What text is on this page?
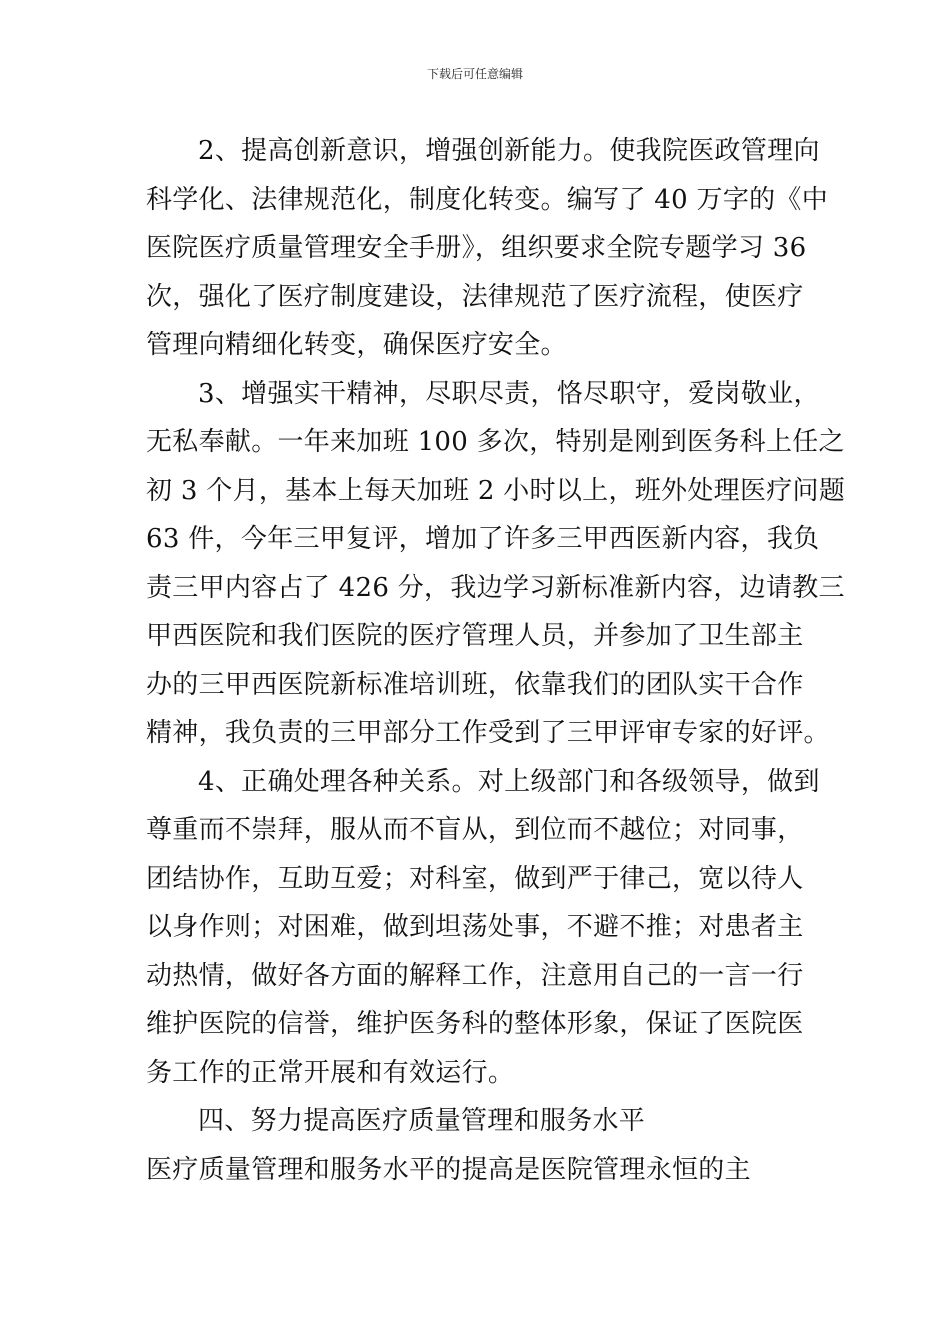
下载后可任意编辑
2、提高创新意识，增强创新能力。使我院医政管理向
科学化、法律规范化，制度化转变。编写了 40 万字的《中
医院医疗质量管理安全手册》，组织要求全院专题学习 36
次，强化了医疗制度建设，法律规范了医疗流程，使医疗
管理向精细化转变，确保医疗安全。
3、增强实干精神，尽职尽责，恪尽职守，爱岗敬业，
无私奉献。一年来加班 100 多次，特别是刚到医务科上任之
初 3 个月，基本上每天加班 2 小时以上，班外处理医疗问题
63 件，今年三甲复评，增加了许多三甲西医新内容，我负
责三甲内容占了 426 分，我边学习新标准新内容，边请教三
甲西医院和我们医院的医疗管理人员，并参加了卫生部主
办的三甲西医院新标准培训班，依靠我们的团队实干合作
精神，我负责的三甲部分工作受到了三甲评审专家的好评。
4、正确处理各种关系。对上级部门和各级领导，做到
尊重而不崇拜，服从而不盲从，到位而不越位；对同事，
团结协作，互助互爱；对科室，做到严于律己，宽以待人
以身作则；对困难，做到坦荡处事，不避不推；对患者主
动热情，做好各方面的解释工作，注意用自己的一言一行
维护医院的信誉，维护医务科的整体形象，保证了医院医
务工作的正常开展和有效运行。
四、努力提高医疗质量管理和服务水平
医疗质量管理和服务水平的提高是医院管理永恒的主
